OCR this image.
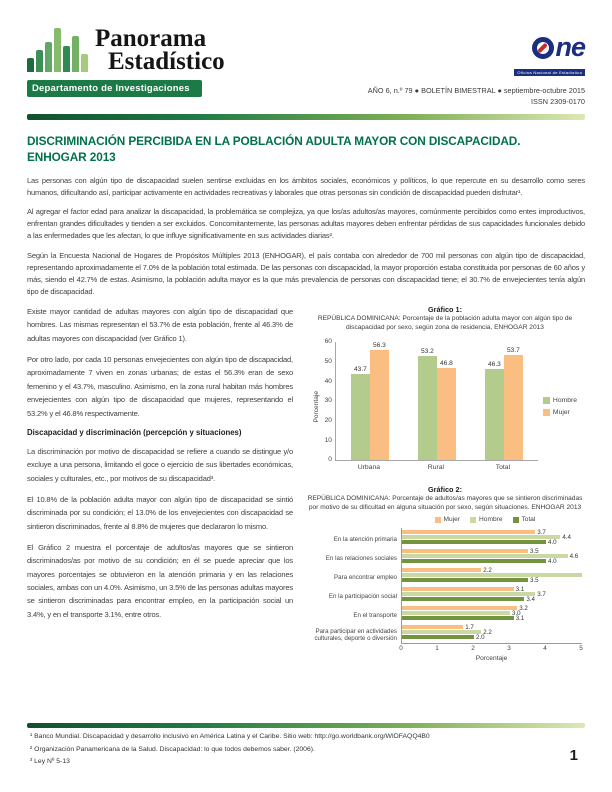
Panorama
Estadístico
Departamento de Investigaciones
ne
Oficina Nacional de Estadística
AÑO 6, n.º 79 ● BOLETÍN BIMESTRAL ● septiembre-octubre 2015
ISSN 2309-0170
DISCRIMINACIÓN PERCIBIDA EN LA POBLACIÓN ADULTA MAYOR CON DISCAPACIDAD.
ENHOGAR 2013

Las personas con algún tipo de discapacidad suelen sentirse excluidas en los ámbitos sociales, económicos y políticos, lo que repercute en su desarrollo como seres humanos, dificultando así, participar activamente en actividades recreativas y laborales que otras personas sin condición de discapacidad pueden disfrutar¹.

Al agregar el factor edad para analizar la discapacidad, la problemática se complejiza, ya que los/as adultos/as mayores, comúnmente percibidos como entes improductivos, enfrentan grandes dificultades y tienden a ser excluidos. Concomitantemente, las personas adultas mayores deben enfrentar pérdidas de sus capacidades funcionales debido a las enfermedades que les afectan, lo que influye significativamente en sus actividades diarias².

Según la Encuesta Nacional de Hogares de Propósitos Múltiples 2013 (ENHOGAR), el país contaba con alrededor de 700 mil personas con algún tipo de discapacidad, representando aproximadamente el 7.0% de la población total estimada. De las personas con discapacidad, la mayor proporción estaba constituida por personas de 60 años y más, siendo el 42.7% de estas. Asimismo, la población adulta mayor es la que más prevalencia de personas con discapacidad tiene; el 30.7% de envejecientes tenía algún tipo de discapacidad.

Existe mayor cantidad de adultas mayores con algún tipo de discapacidad que hombres. Las mismas representan el 53.7% de esta población, frente al 46.3% de adultas mayores con discapacidad (ver Gráfico 1).

Por otro lado, por cada 10 personas envejecientes con algún tipo de discapacidad, aproximadamente 7 viven en zonas urbanas; de estas el 56.3% eran de sexo femenino y el 43.7%, masculino. Asimismo, en la zona rural habitan más hombres envejecientes con algún tipo de discapacidad que mujeres, representando el 53.2% y el 46.8% respectivamente.

Discapacidad y discriminación (percepción y situaciones)

La discriminación por motivo de discapacidad se refiere a cuando se distingue y/o excluye a una persona, limitando el goce o ejercicio de sus libertades económicas, sociales y culturales, etc., por motivos de su discapacidad³.

El 10.8% de la población adulta mayor con algún tipo de discapacidad se sintió discriminada por su condición; el 13.0% de los envejecientes con discapacidad se sintieron discriminados, frente al 8.8% de mujeres que declararon lo mismo.

El Gráfico 2 muestra el porcentaje de adultos/as mayores que se sintieron discriminados/as por motivo de su condición; en él se puede apreciar que los mayores porcentajes se obtuvieron en la atención primaria y en las relaciones sociales, ambas con un 4.0%. Asimismo, un 3.5% de las personas adultas mayores se sintieron discriminadas para encontrar empleo, en la participación social un 3.4%, y en el transporte 3.1%, entre otros.

Gráfico 1:
REPÚBLICA DOMINICANA: Porcentaje de la población adulta mayor con algún tipo de discapacidad por sexo, según zona de residencia, ENHOGAR 2013
Porcentaje
60
50
40
30
20
10
0
43.7
56.3
53.2
46.8	46.3
53.7
Urbana	Rural	Total
Hombre
Mujer
Gráfico 2:
REPÚBLICA DOMINICANA: Porcentaje de adultos/as mayores que se sintieron discriminadas por motivo de su dificultad en alguna situación por sexo, según situaciones. ENHOGAR 2013
Mujer	Hombre	Total
En la atención primaria
En las relaciones sociales
Para encontrar empleo
En la participación social
En el transporte
Para participar en actividades culturales, deporte o diversión
3.7
4.4
4.0
3.5
4.6
4.0
2.2
3.5
3.1
3.7
3.4
3.2
3.0
3.1
1.7
2.2
2.0
0	1	2	3	4	5
Porcentaje
¹ Banco Mundial. Discapacidad y desarrollo inclusivo en América Latina y el Caribe. Sitio web: http://go.worldbank.org/WIDFAQQ4B0
² Organización Panamericana de la Salud. Discapacidad: lo que todos debemos saber. (2006).
³ Ley Nº 5-13	1
